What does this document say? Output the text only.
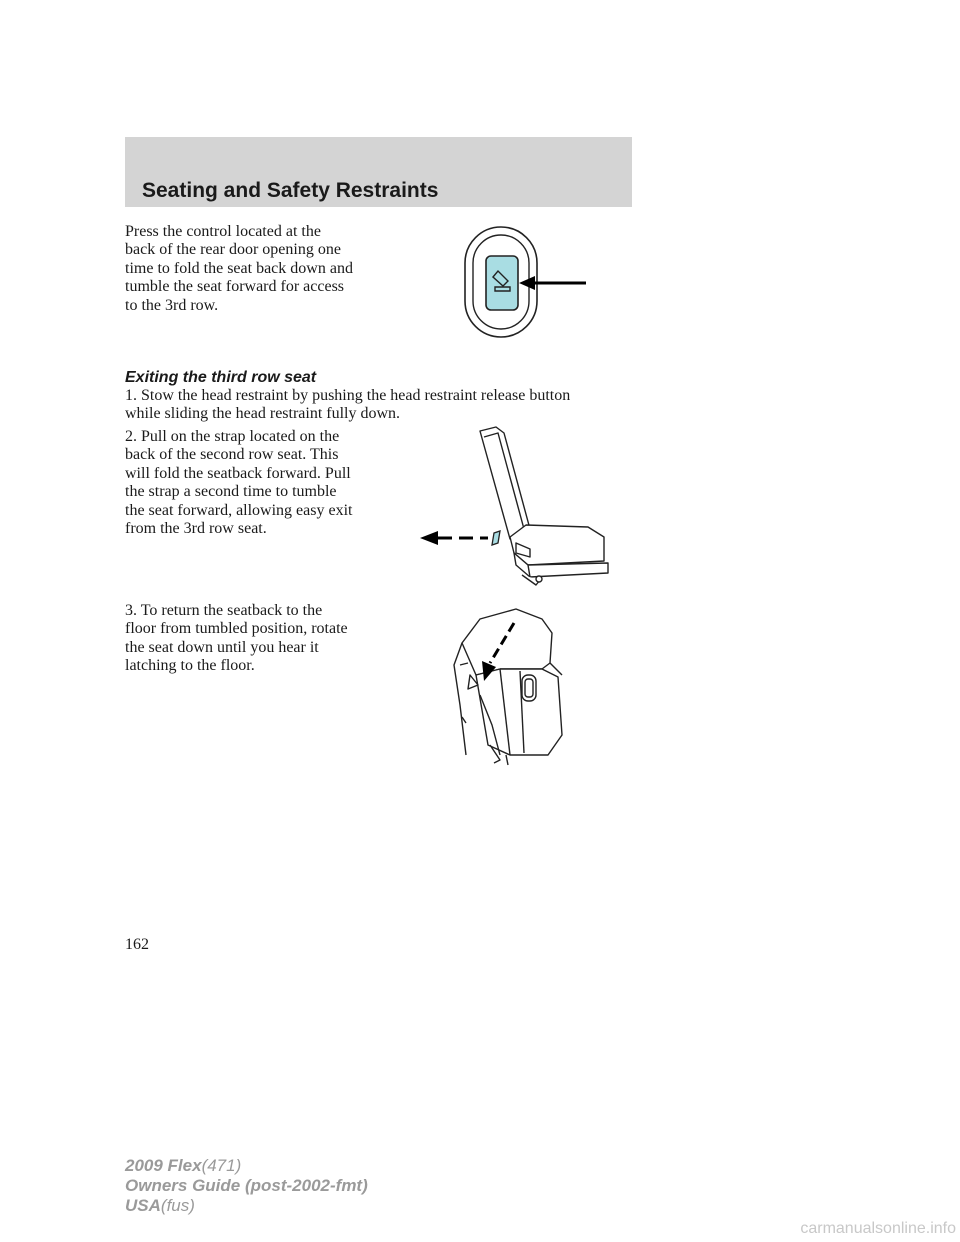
Seating and Safety Restraints

Press the control located at the
back of the rear door opening one
time to fold the seat back down and
tumble the seat forward for access
to the 3rd row.

Exiting the third row seat

1. Stow the head restraint by pushing the head restraint release button
while sliding the head restraint fully down.

2. Pull on the strap located on the
back of the second row seat. This
will fold the seatback forward. Pull
the strap a second time to tumble
the seat forward, allowing easy exit
from the 3rd row seat.

3. To return the seatback to the
floor from tumbled position, rotate
the seat down until you hear it
latching to the floor.

162
2009 Flex(471)
Owners Guide (post-2002-fmt)
USA(fus)
carmanualsonline.info
